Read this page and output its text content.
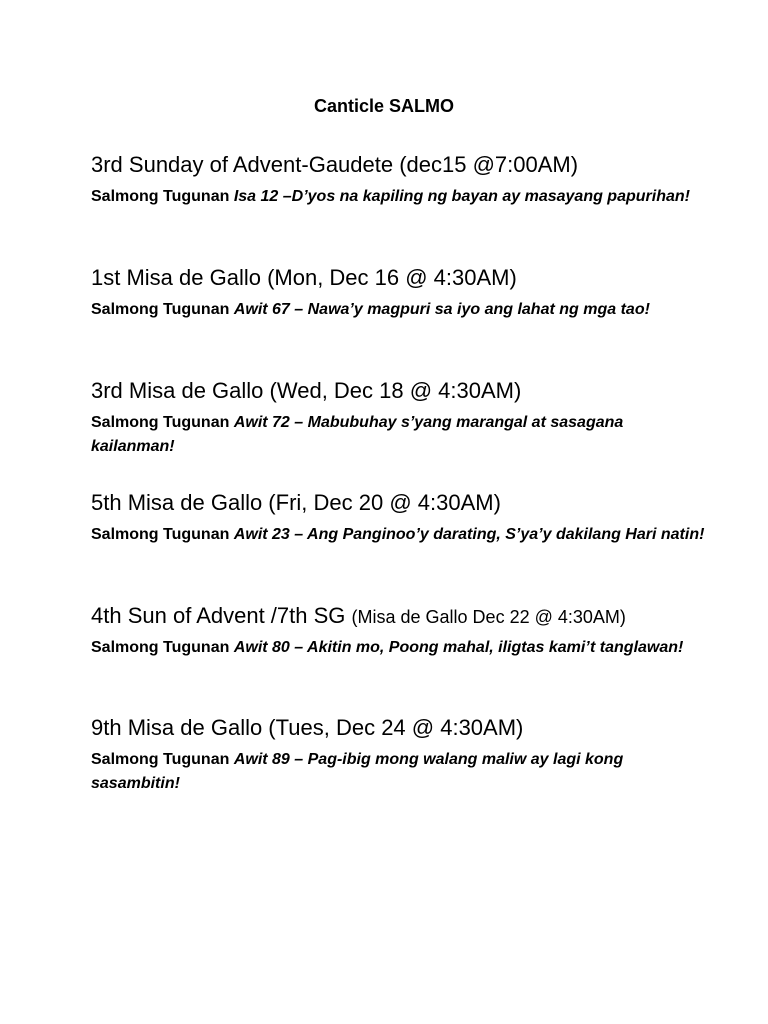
Canticle SALMO
3rd Sunday of Advent-Gaudete (dec15 @7:00AM)
Salmong Tugunan Isa 12 –D’yos na kapiling ng bayan ay masayang papurihan!
1st Misa de Gallo (Mon, Dec 16 @ 4:30AM)
Salmong Tugunan Awit 67 – Nawa’y magpuri sa iyo ang lahat ng mga tao!
3rd Misa de Gallo (Wed, Dec 18 @ 4:30AM)
Salmong Tugunan Awit 72 – Mabubuhay s’yang marangal at sasagana kailanman!
5th Misa de Gallo (Fri, Dec 20 @ 4:30AM)
Salmong Tugunan Awit 23 – Ang Panginoo’y darating, S’ya’y dakilang Hari natin!
4th Sun of Advent /7th SG (Misa de Gallo Dec 22 @ 4:30AM)
Salmong Tugunan Awit 80 – Akitin mo, Poong mahal, iligtas kami’t tanglawan!
9th Misa de Gallo (Tues, Dec 24 @ 4:30AM)
Salmong Tugunan Awit 89 – Pag-ibig mong walang maliw ay lagi kong sasambitin!
